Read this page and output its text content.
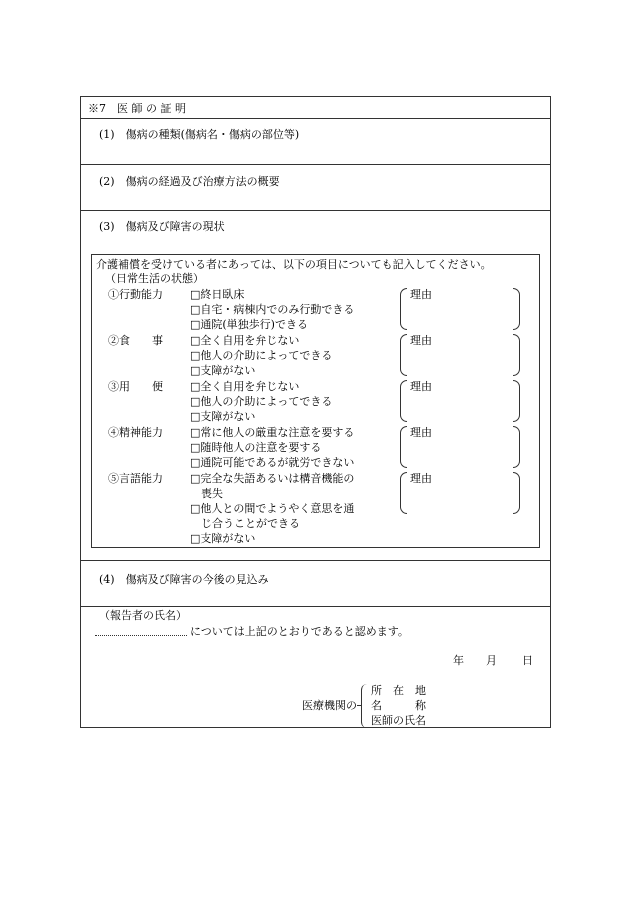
※7　医 師 の 証 明
(1)　傷病の種類(傷病名・傷病の部位等)
(2)　傷病の経過及び治療方法の概要
(3)　傷病及び障害の現状
介護補償を受けている者にあっては、以下の項目についても記入してください。
（日常生活の状態）
①行動能力 □終日臥床
□自宅・病棟内でのみ行動できる
□通院(単独歩行)できる
理由
②食　　事 □全く自用を弁じない
□他人の介助によってできる
□支障がない
理由
③用　　便 □全く自用を弁じない
□他人の介助によってできる
□支障がない
理由
④精神能力 □常に他人の厳重な注意を要する
□随時他人の注意を要する
□通院可能であるが就労できない
理由
⑤言語能力 □完全な失語あるいは構音機能の
　喪失
□他人との間でようやく意思を通
　じ合うことができる
□支障がない
理由
(4)　傷病及び障害の今後の見込み
（報告者の氏名）
については上記のとおりであると認めます。
年 月 日
医療機関の
所　在　地
名　　　称
医師の氏名
